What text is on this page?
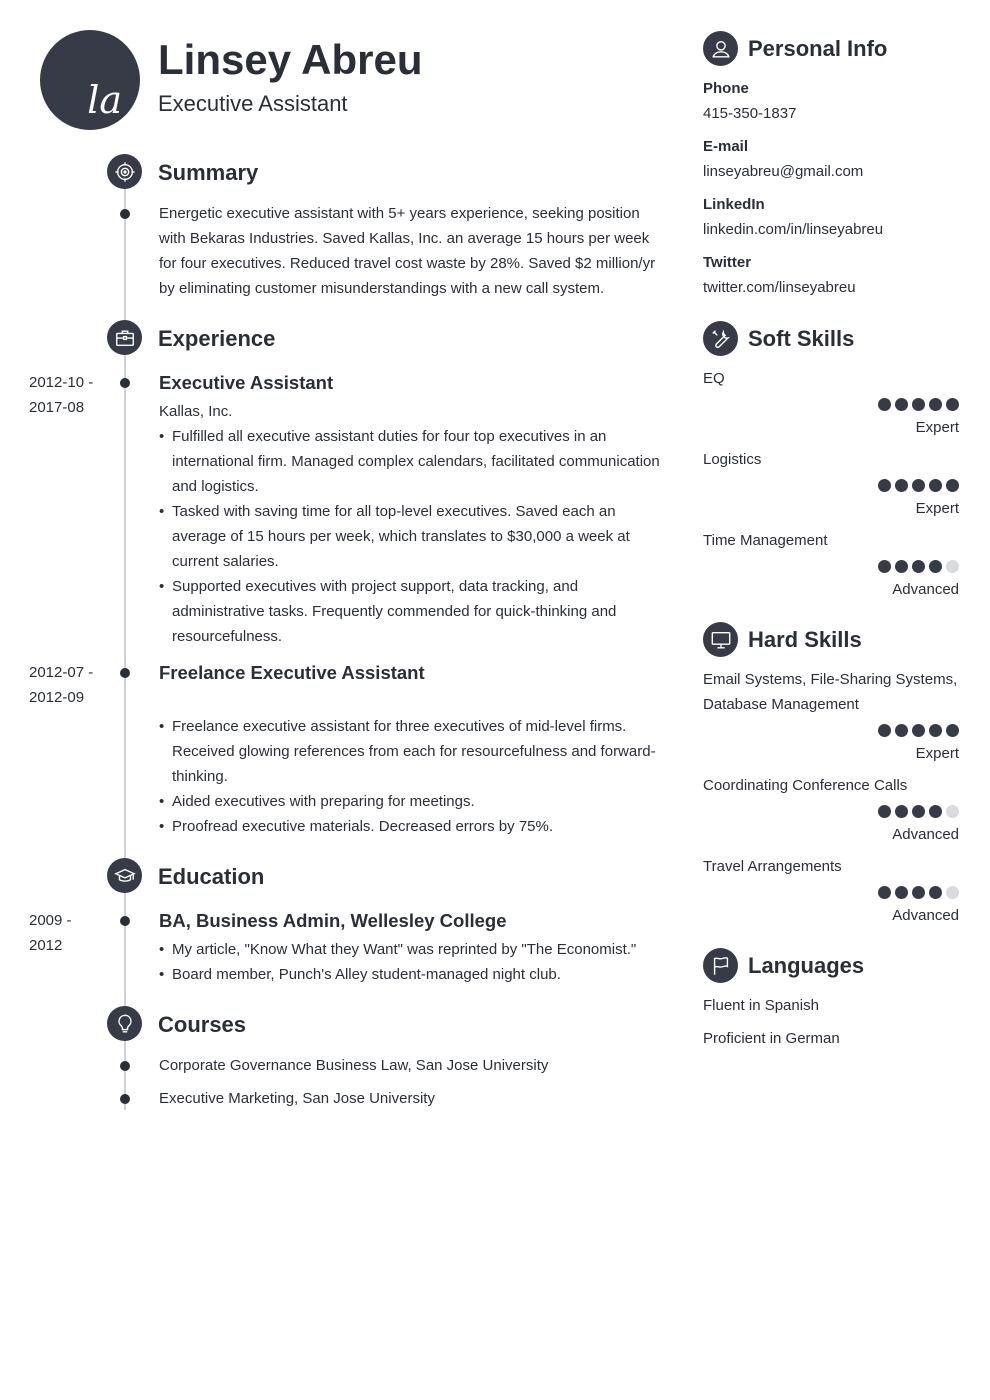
la
Linsey Abreu
Executive Assistant
Summary
Energetic executive assistant with 5+ years experience, seeking position with Bekaras Industries. Saved Kallas, Inc. an average 15 hours per week for four executives. Reduced travel cost waste by 28%. Saved $2 million/yr by eliminating customer misunderstandings with a new call system.
Experience
2012-10 -
2017-08
Executive Assistant
Kallas, Inc.
• Fulfilled all executive assistant duties for four top executives in an international firm. Managed complex calendars, facilitated communication and logistics.
• Tasked with saving time for all top-level executives. Saved each an average of 15 hours per week, which translates to $30,000 a week at current salaries.
• Supported executives with project support, data tracking, and administrative tasks. Frequently commended for quick-thinking and resourcefulness.
2012-07 -
2012-09
Freelance Executive Assistant
• Freelance executive assistant for three executives of mid-level firms. Received glowing references from each for resourcefulness and forward-thinking.
• Aided executives with preparing for meetings.
• Proofread executive materials. Decreased errors by 75%.
Education
2009 -
2012
BA, Business Admin, Wellesley College
• My article, "Know What they Want" was reprinted by "The Economist."
• Board member, Punch's Alley student-managed night club.
Courses
Corporate Governance Business Law, San Jose University
Executive Marketing, San Jose University
Personal Info
Phone
415-350-1837
E-mail
linseyabreu@gmail.com
LinkedIn
linkedin.com/in/linseyabreu
Twitter
twitter.com/linseyabreu
Soft Skills
EQ
Expert
Logistics
Expert
Time Management
Advanced
Hard Skills
Email Systems, File-Sharing Systems, Database Management
Expert
Coordinating Conference Calls
Advanced
Travel Arrangements
Advanced
Languages
Fluent in Spanish
Proficient in German
